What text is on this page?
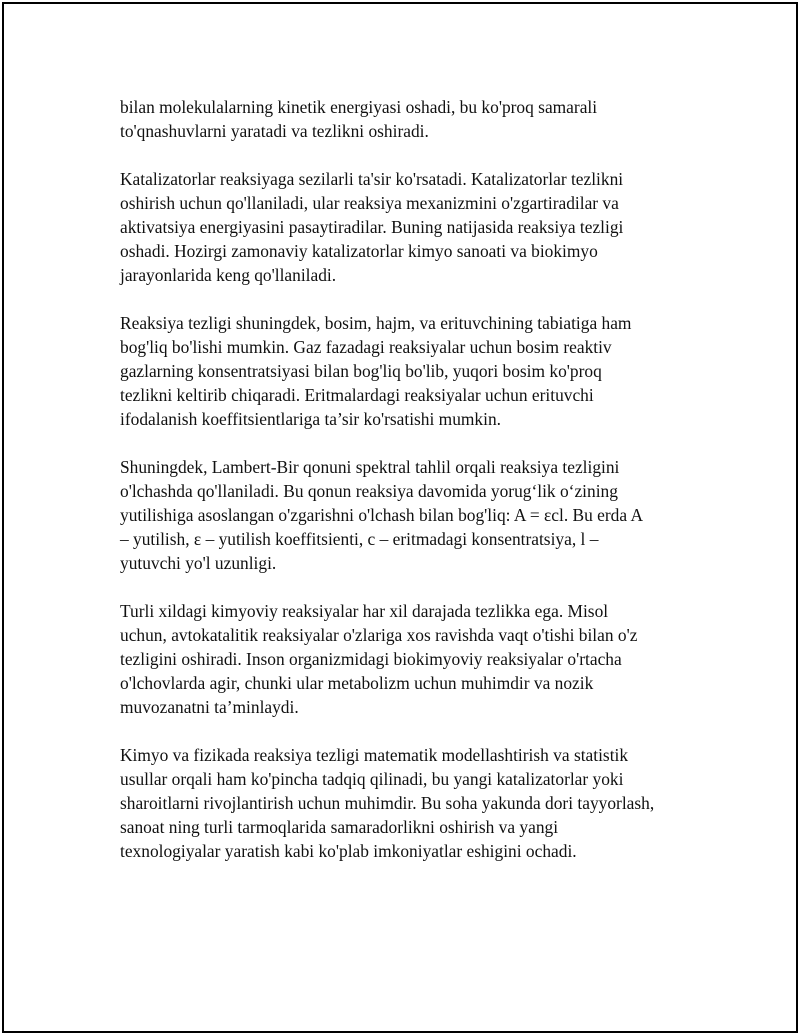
bilan molekulalarning kinetik energiyasi oshadi, bu ko'proq samarali
to'qnashuvlarni yaratadi va tezlikni oshiradi.

Katalizatorlar reaksiyaga sezilarli ta'sir ko'rsatadi. Katalizatorlar tezlikni
oshirish uchun qo'llaniladi, ular reaksiya mexanizmini o'zgartiradilar va
aktivatsiya energiyasini pasaytiradilar. Buning natijasida reaksiya tezligi
oshadi. Hozirgi zamonaviy katalizatorlar kimyo sanoati va biokimyo
jarayonlarida keng qo'llaniladi.

Reaksiya tezligi shuningdek, bosim, hajm, va erituvchining tabiatiga ham
bog'liq bo'lishi mumkin. Gaz fazadagi reaksiyalar uchun bosim reaktiv
gazlarning konsentratsiyasi bilan bog'liq bo'lib, yuqori bosim ko'proq
tezlikni keltirib chiqaradi. Eritmalardagi reaksiyalar uchun erituvchi
ifodalanish koeffitsientlariga ta’sir ko'rsatishi mumkin.

Shuningdek, Lambert-Bir qonuni spektral tahlil orqali reaksiya tezligini
o'lchashda qo'llaniladi. Bu qonun reaksiya davomida yorug‘lik o‘zining
yutilishiga asoslangan o'zgarishni o'lchash bilan bog'liq: A = εcl. Bu erda A
– yutilish, ε – yutilish koeffitsienti, c – eritmadagi konsentratsiya, l –
yutuvchi yo'l uzunligi.

Turli xildagi kimyoviy reaksiyalar har xil darajada tezlikka ega. Misol
uchun, avtokatalitik reaksiyalar o'zlariga xos ravishda vaqt o'tishi bilan o'z
tezligini oshiradi. Inson organizmidagi biokimyoviy reaksiyalar o'rtacha
o'lchovlarda agir, chunki ular metabolizm uchun muhimdir va nozik
muvozanatni ta’minlaydi.

Kimyo va fizikada reaksiya tezligi matematik modellashtirish va statistik
usullar orqali ham ko'pincha tadqiq qilinadi, bu yangi katalizatorlar yoki
sharoitlarni rivojlantirish uchun muhimdir. Bu soha yakunda dori tayyorlash,
sanoat ning turli tarmoqlarida samaradorlikni oshirish va yangi
texnologiyalar yaratish kabi ko'plab imkoniyatlar eshigini ochadi.
